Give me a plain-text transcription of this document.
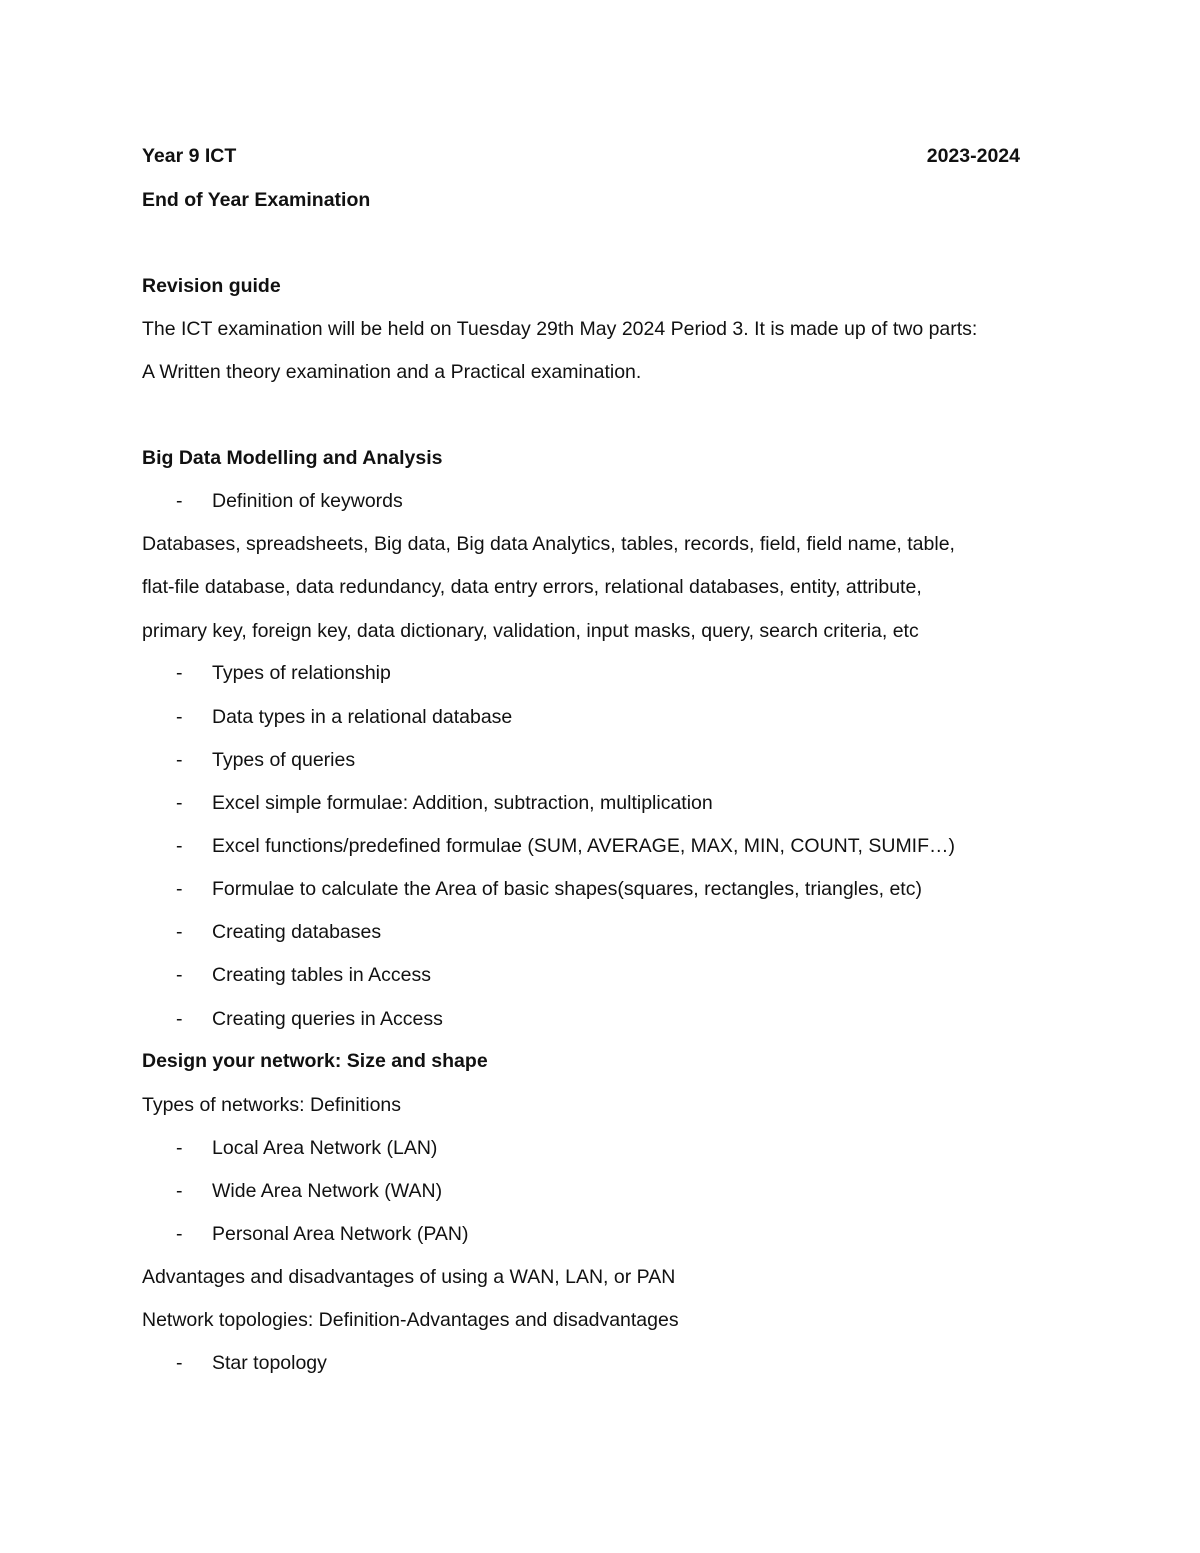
Year 9 ICT	2023-2024
End of Year Examination
Revision guide
The ICT examination will be held on Tuesday 29th May 2024 Period 3. It is made up of two parts:
A Written theory examination and a Practical examination.
Big Data Modelling and Analysis
- Definition of keywords
Databases, spreadsheets, Big data, Big data Analytics, tables, records, field, field name, table,
flat-file database, data redundancy, data entry errors, relational databases, entity, attribute,
primary key, foreign key, data dictionary, validation, input masks, query, search criteria, etc
- Types of relationship
- Data types in a relational database
- Types of queries
- Excel simple formulae: Addition, subtraction, multiplication
- Excel functions/predefined formulae (SUM, AVERAGE, MAX, MIN, COUNT, SUMIF…)
- Formulae to calculate the Area of basic shapes(squares, rectangles, triangles, etc)
- Creating databases
- Creating tables in Access
- Creating queries in Access
Design your network: Size and shape
Types of networks: Definitions
- Local Area Network (LAN)
- Wide Area Network (WAN)
- Personal Area Network (PAN)
Advantages and disadvantages of using a WAN, LAN, or PAN
Network topologies: Definition-Advantages and disadvantages
- Star topology
